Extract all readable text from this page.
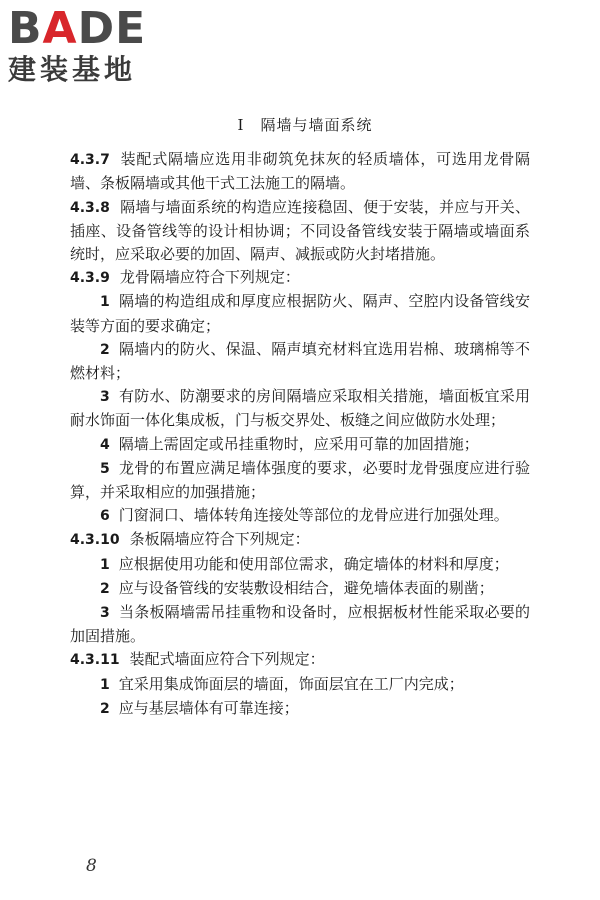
BADE
建装基地
Ⅰ　隔墙与墙面系统

4.3.7 装配式隔墙应选用非砌筑免抹灰的轻质墙体，可选用龙骨隔墙、条板隔墙或其他干式工法施工的隔墙。

4.3.8 隔墙与墙面系统的构造应连接稳固、便于安装，并应与开关、插座、设备管线等的设计相协调；不同设备管线安装于隔墙或墙面系统时，应采取必要的加固、隔声、减振或防火封堵措施。

4.3.9 龙骨隔墙应符合下列规定：

1 隔墙的构造组成和厚度应根据防火、隔声、空腔内设备管线安装等方面的要求确定；

2 隔墙内的防火、保温、隔声填充材料宜选用岩棉、玻璃棉等不燃材料；

3 有防水、防潮要求的房间隔墙应采取相关措施，墙面板宜采用耐水饰面一体化集成板，门与板交界处、板缝之间应做防水处理；

4 隔墙上需固定或吊挂重物时，应采用可靠的加固措施；

5 龙骨的布置应满足墙体强度的要求，必要时龙骨强度应进行验算，并采取相应的加强措施；

6 门窗洞口、墙体转角连接处等部位的龙骨应进行加强处理。

4.3.10 条板隔墙应符合下列规定：

1 应根据使用功能和使用部位需求，确定墙体的材料和厚度；

2 应与设备管线的安装敷设相结合，避免墙体表面的剔凿；

3 当条板隔墙需吊挂重物和设备时，应根据板材性能采取必要的加固措施。

4.3.11 装配式墙面应符合下列规定：

1 宜采用集成饰面层的墙面，饰面层宜在工厂内完成；

2 应与基层墙体有可靠连接；

8
